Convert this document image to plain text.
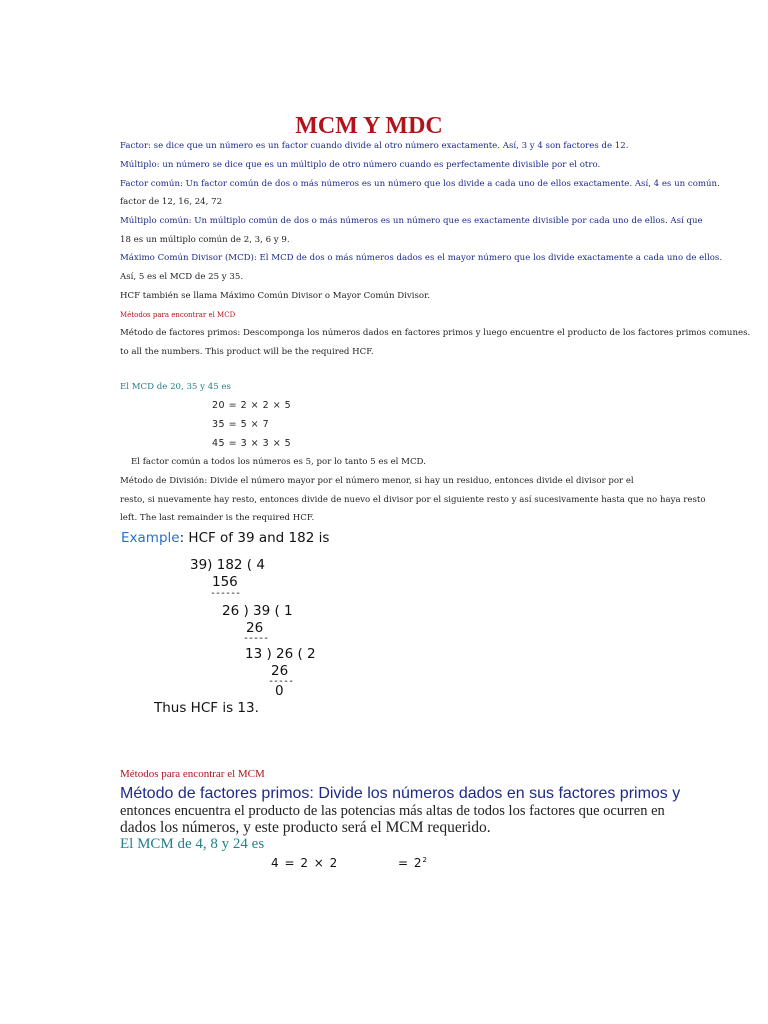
MCM Y MDC
Factor: se dice que un número es un factor cuando divide al otro número exactamente. Así, 3 y 4 son factores de 12.
Múltiplo: un número se dice que es un múltiplo de otro número cuando es perfectamente divisible por el otro.
Factor común: Un factor común de dos o más números es un número que los divide a cada uno de ellos exactamente. Así, 4 es un común.
factor de 12, 16, 24, 72
Múltiplo común: Un múltiplo común de dos o más números es un número que es exactamente divisible por cada uno de ellos. Así que
18 es un múltiplo común de 2, 3, 6 y 9.
Máximo Común Divisor (MCD): El MCD de dos o más números dados es el mayor número que los divide exactamente a cada uno de ellos.
Así, 5 es el MCD de 25 y 35.
HCF también se llama Máximo Común Divisor o Mayor Común Divisor.
Métodos para encontrar el MCD
Método de factores primos: Descomponga los números dados en factores primos y luego encuentre el producto de los factores primos comunes.
to all the numbers. This product will be the required HCF.
El MCD de 20, 35 y 45 es
20 = 2 × 2 × 5
35 = 5 × 7
45 = 3 × 3 × 5
El factor común a todos los números es 5, por lo tanto 5 es el MCD.
Método de División: Divide el número mayor por el número menor, si hay un residuo, entonces divide el divisor por el
resto, si nuevamente hay resto, entonces divide de nuevo el divisor por el siguiente resto y así sucesivamente hasta que no haya resto
left. The last remainder is the required HCF.
Example: HCF of 39 and 182 is
39) 182 ( 4
156
------
26 ) 39 ( 1
26
-----
13 ) 26 ( 2
26
-----
0
Thus HCF is 13.
Métodos para encontrar el MCM
Método de factores primos: Divide los números dados en sus factores primos y
entonces encuentra el producto de las potencias más altas de todos los factores que ocurren en
dados los números, y este producto será el MCM requerido.
El MCM de 4, 8 y 24 es
4 = 2 × 2	= $2^2$
